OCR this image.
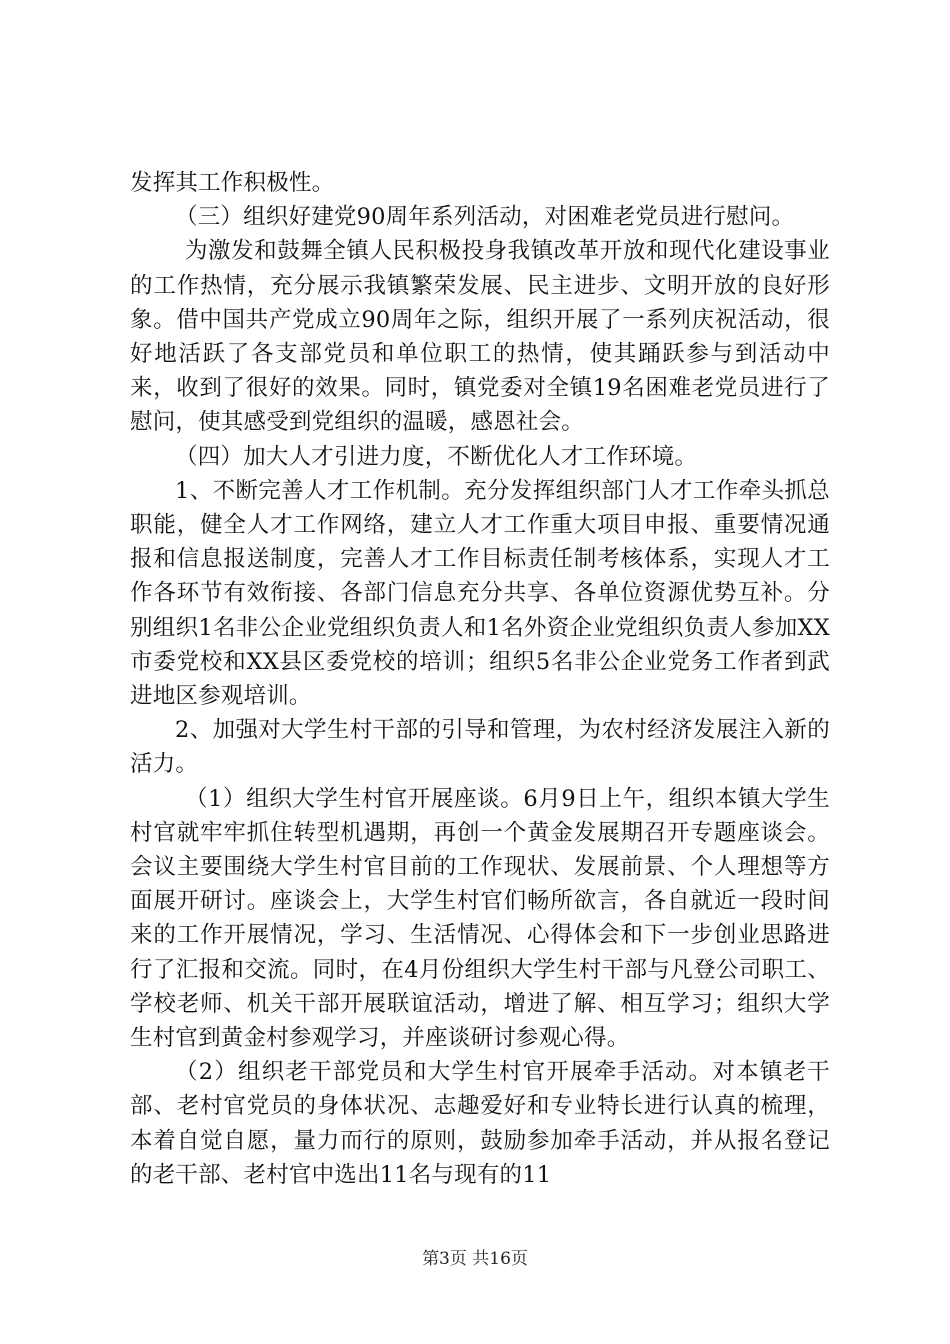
发挥其工作积极性。

（三）组织好建党90周年系列活动，对困难老党员进行慰问。

为激发和鼓舞全镇人民积极投身我镇改革开放和现代化建设事业的工作热情，充分展示我镇繁荣发展、民主进步、文明开放的良好形象。借中国共产党成立90周年之际，组织开展了一系列庆祝活动，很好地活跃了各支部党员和单位职工的热情，使其踊跃参与到活动中来，收到了很好的效果。同时，镇党委对全镇19名困难老党员进行了慰问，使其感受到党组织的温暖，感恩社会。

（四）加大人才引进力度，不断优化人才工作环境。

1、不断完善人才工作机制。充分发挥组织部门人才工作牵头抓总职能，健全人才工作网络，建立人才工作重大项目申报、重要情况通报和信息报送制度，完善人才工作目标责任制考核体系，实现人才工作各环节有效衔接、各部门信息充分共享、各单位资源优势互补。分别组织1名非公企业党组织负责人和1名外资企业党组织负责人参加XX市委党校和XX县区委党校的培训；组织5名非公企业党务工作者到武进地区参观培训。

2、加强对大学生村干部的引导和管理，为农村经济发展注入新的活力。

（1）组织大学生村官开展座谈。6月9日上午，组织本镇大学生村官就牢牢抓住转型机遇期，再创一个黄金发展期召开专题座谈会。会议主要围绕大学生村官目前的工作现状、发展前景、个人理想等方面展开研讨。座谈会上，大学生村官们畅所欲言，各自就近一段时间来的工作开展情况，学习、生活情况、心得体会和下一步创业思路进行了汇报和交流。同时，在4月份组织大学生村干部与凡登公司职工、学校老师、机关干部开展联谊活动，增进了解、相互学习；组织大学生村官到黄金村参观学习，并座谈研讨参观心得。

（2）组织老干部党员和大学生村官开展牵手活动。对本镇老干部、老村官党员的身体状况、志趣爱好和专业特长进行认真的梳理，本着自觉自愿，量力而行的原则，鼓励参加牵手活动，并从报名登记的老干部、老村官中选出11名与现有的11

第3页 共16页
